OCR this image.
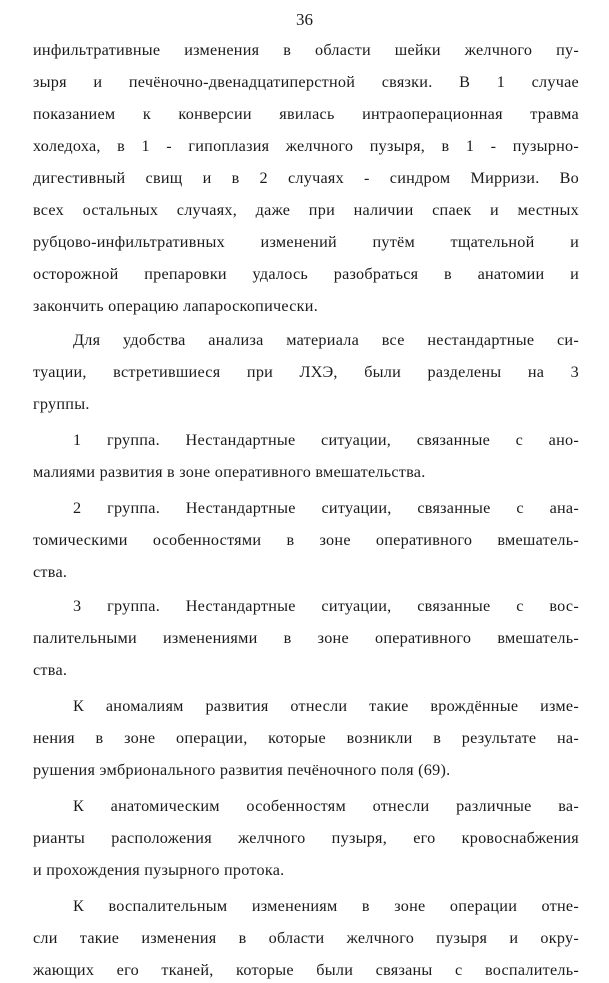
36
инфильтративные изменения в области шейки желчного пу-
зыря и печёночно-двенадцатиперстной связки. В 1 случае
показанием к конверсии явилась интраоперационная травма
холедоха, в 1 - гипоплазия желчного пузыря, в 1 - пузырно-
дигестивный свищ и в 2 случаях - синдром Мирризи. Во
всех остальных случаях, даже при наличии спаек и местных
рубцово-инфильтративных изменений путём тщательной и
осторожной препаровки удалось разобраться в анатомии и
закончить операцию лапароскопически.
Для удобства анализа материала все нестандартные си-
туации, встретившиеся при ЛХЭ, были разделены на 3
группы.
1 группа. Нестандартные ситуации, связанные с ано-
малиями развития в зоне оперативного вмешательства.
2 группа. Нестандартные ситуации, связанные с ана-
томическими особенностями в зоне оперативного вмешатель-
ства.
3 группа. Нестандартные ситуации, связанные с вос-
палительными изменениями в зоне оперативного вмешатель-
ства.
К аномалиям развития отнесли такие врождённые изме-
нения в зоне операции, которые возникли в результате на-
рушения эмбрионального развития печёночного поля (69).
К анатомическим особенностям отнесли различные ва-
рианты расположения желчного пузыря, его кровоснабжения
и прохождения пузырного протока.
К воспалительным изменениям в зоне операции отне-
сли такие изменения в области желчного пузыря и окру-
жающих его тканей, которые были связаны с воспалитель-
